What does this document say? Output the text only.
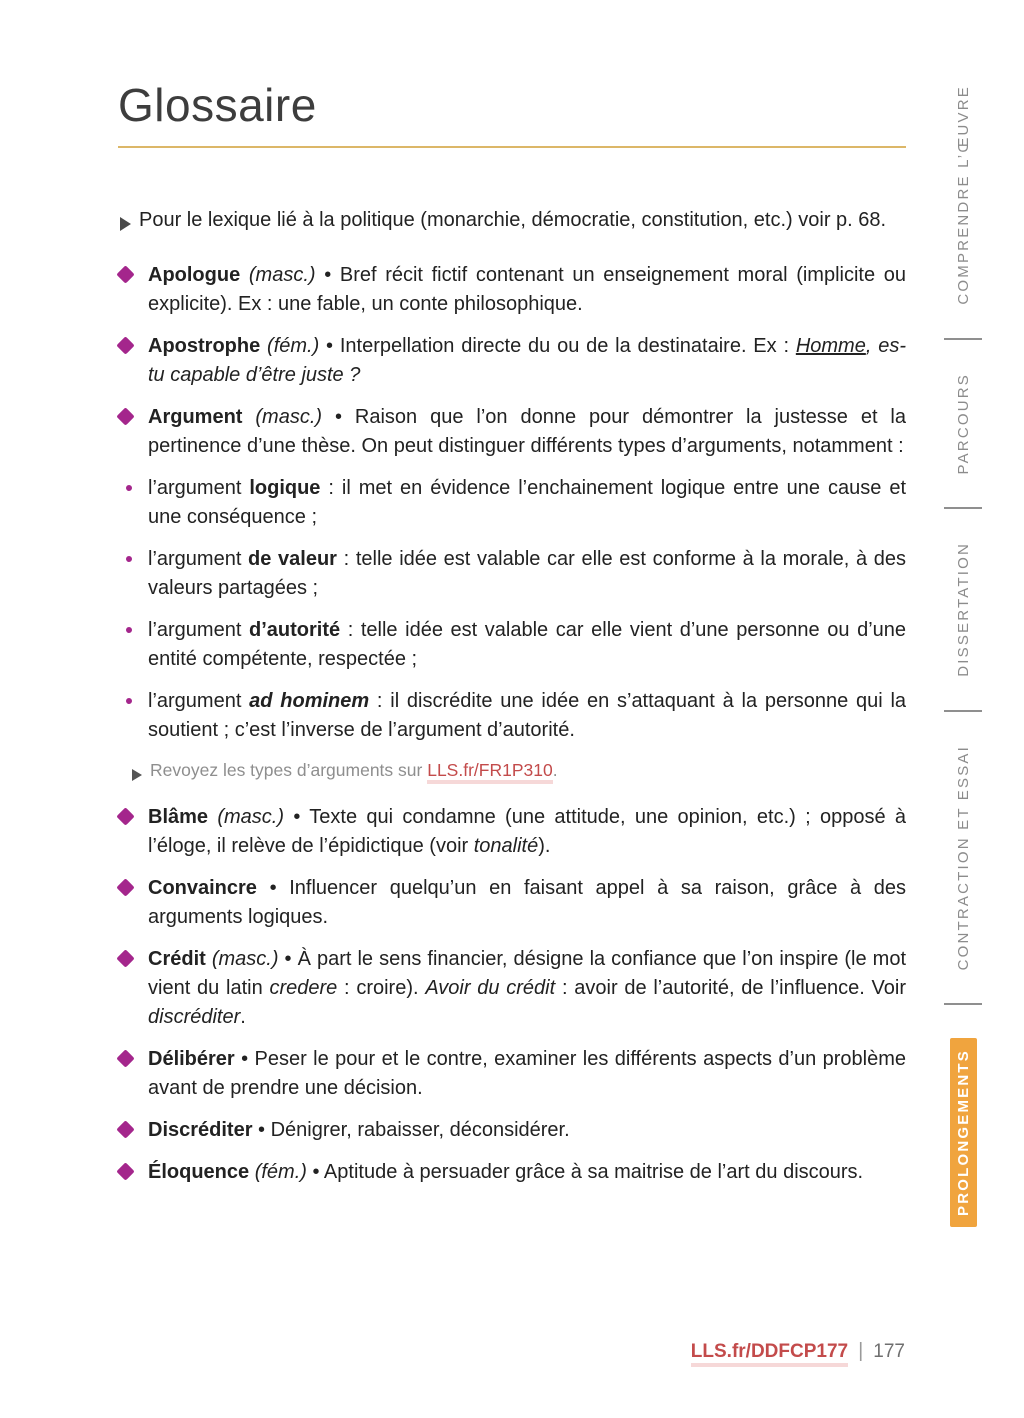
Glossaire

Pour le lexique lié à la politique (monarchie, démocratie, constitution, etc.) voir p. 68.

Apologue (masc.) • Bref récit fictif contenant un enseignement moral (implicite ou explicite). Ex : une fable, un conte philosophique.

Apostrophe (fém.) • Interpellation directe du ou de la destinataire. Ex : Homme, es-tu capable d’être juste ?

Argument (masc.) • Raison que l’on donne pour démontrer la justesse et la pertinence d’une thèse. On peut distinguer différents types d’arguments, notamment :

l’argument logique : il met en évidence l’enchainement logique entre une cause et une conséquence ;

l’argument de valeur : telle idée est valable car elle est conforme à la morale, à des valeurs partagées ;

l’argument d’autorité : telle idée est valable car elle vient d’une personne ou d’une entité compétente, respectée ;

l’argument ad hominem : il discrédite une idée en s’attaquant à la personne qui la soutient ; c’est l’inverse de l’argument d’autorité.

Revoyez les types d’arguments sur LLS.fr/FR1P310.

Blâme (masc.) • Texte qui condamne (une attitude, une opinion, etc.) ; opposé à l’éloge, il relève de l’épidictique (voir tonalité).

Convaincre • Influencer quelqu’un en faisant appel à sa raison, grâce à des arguments logiques.

Crédit (masc.) • À part le sens financier, désigne la confiance que l’on inspire (le mot vient du latin credere : croire). Avoir du crédit : avoir de l’autorité, de l’influence. Voir discréditer.

Délibérer • Peser le pour et le contre, examiner les différents aspects d’un problème avant de prendre une décision.

Discréditer • Dénigrer, rabaisser, déconsidérer.

Éloquence (fém.) • Aptitude à persuader grâce à sa maitrise de l’art du discours.

COMPRENDRE L’ŒUVRE
PARCOURS
DISSERTATION
CONTRACTION ET ESSAI
PROLONGEMENTS
LLS.fr/DDFCP177 | 177
